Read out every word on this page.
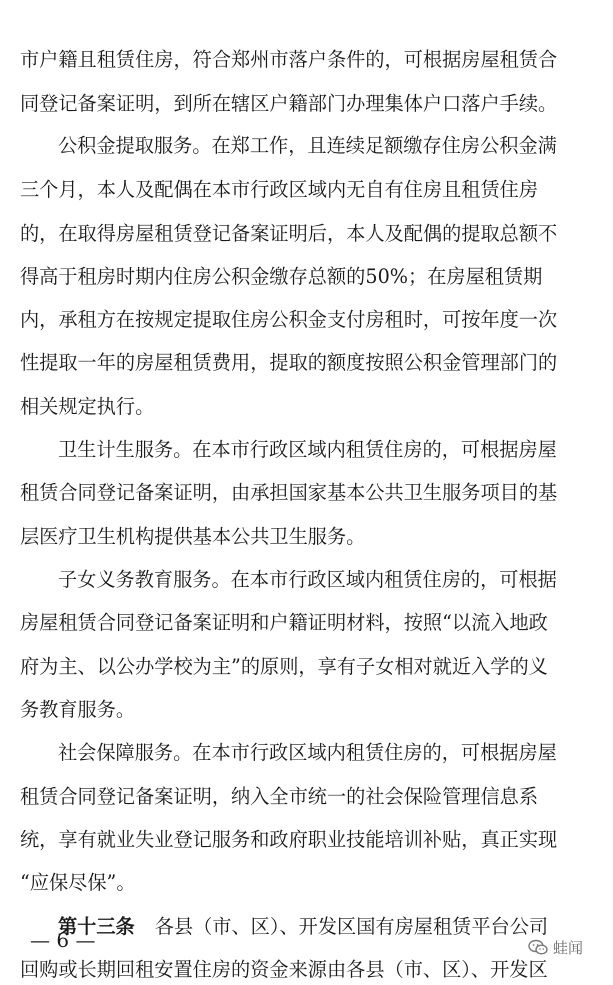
市户籍且租赁住房，符合郑州市落户条件的，可根据房屋租赁合
同登记备案证明，到所在辖区户籍部门办理集体户口落户手续。
公积金提取服务。在郑工作，且连续足额缴存住房公积金满
三个月，本人及配偶在本市行政区域内无自有住房且租赁住房
的，在取得房屋租赁登记备案证明后，本人及配偶的提取总额不
得高于租房时期内住房公积金缴存总额的50%；在房屋租赁期
内，承租方在按规定提取住房公积金支付房租时，可按年度一次
性提取一年的房屋租赁费用，提取的额度按照公积金管理部门的
相关规定执行。
卫生计生服务。在本市行政区域内租赁住房的，可根据房屋
租赁合同登记备案证明，由承担国家基本公共卫生服务项目的基
层医疗卫生机构提供基本公共卫生服务。
子女义务教育服务。在本市行政区域内租赁住房的，可根据
房屋租赁合同登记备案证明和户籍证明材料，按照“以流入地政
府为主、以公办学校为主”的原则，享有子女相对就近入学的义
务教育服务。
社会保障服务。在本市行政区域内租赁住房的，可根据房屋
租赁合同登记备案证明，纳入全市统一的社会保险管理信息系
统，享有就业失业登记服务和政府职业技能培训补贴，真正实现
“应保尽保”。
第十三条 各县（市、区）、开发区国有房屋租赁平台公司
回购或长期回租安置住房的资金来源由各县（市、区）、开发区
— 6 —	蛙闻
